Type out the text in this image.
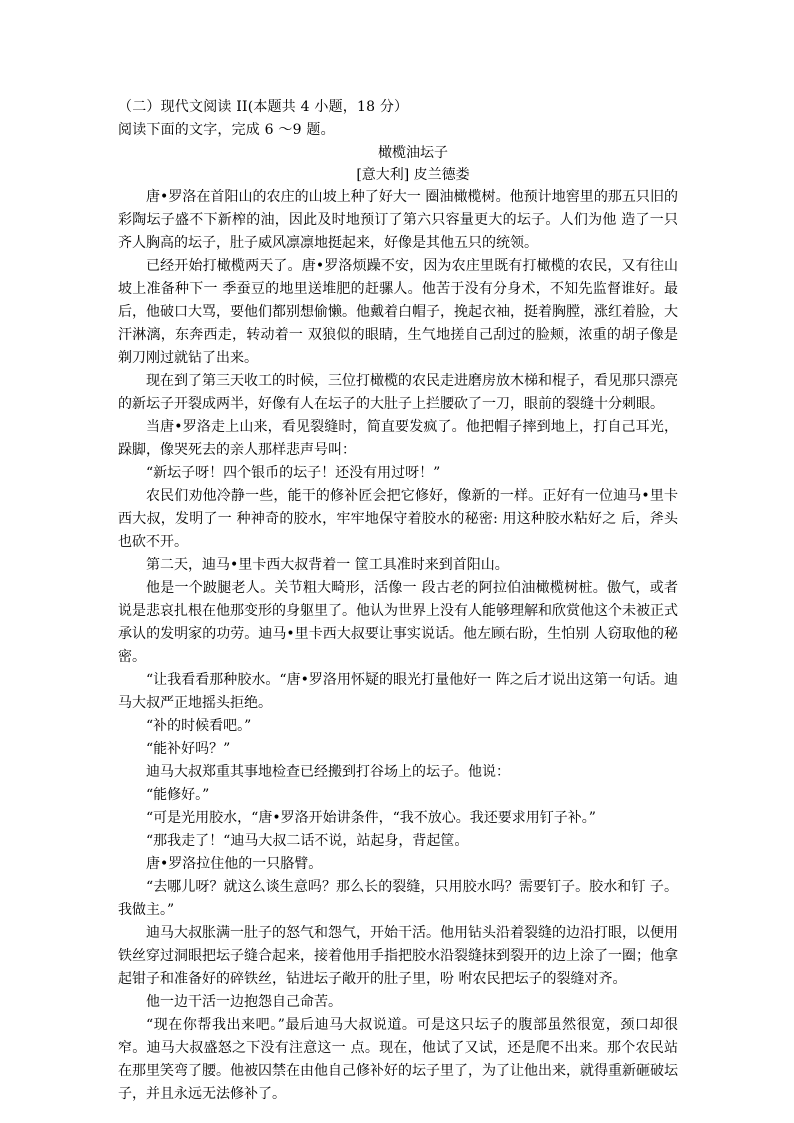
（二）现代文阅读 II(本题共 4 小题，18 分）
阅读下面的文字，完成 6 ～9 题。
橄榄油坛子
[意大利] 皮兰德娄
唐•罗洛在首阳山的农庄的山坡上种了好大一 圈油橄榄树。他预计地窖里的那五只旧的彩陶坛子盛不下新榨的油，因此及时地预订了第六只容量更大的坛子。人们为他 造了一只齐人胸高的坛子，肚子威风凛凛地挺起来，好像是其他五只的统领。
已经开始打橄榄两天了。唐•罗洛烦躁不安，因为农庄里既有打橄榄的农民，又有往山坡上准备种下一 季蚕豆的地里送堆肥的赶骡人。他苦于没有分身术，不知先监督谁好。最后，他破口大骂，要他们都别想偷懒。他戴着白帽子，挽起衣袖，挺着胸膛，涨红着脸，大汗淋漓，东奔西走，转动着一 双狼似的眼睛，生气地搓自己刮过的脸颊，浓重的胡子像是剃刀刚过就钻了出来。
现在到了第三天收工的时候，三位打橄榄的农民走进磨房放木梯和棍子，看见那只漂亮的新坛子开裂成两半，好像有人在坛子的大肚子上拦腰砍了一刀，眼前的裂缝十分刺眼。
当唐•罗洛走上山来，看见裂缝时，简直要发疯了。他把帽子摔到地上，打自己耳光，跺脚，像哭死去的亲人那样悲声号叫：
“新坛子呀！四个银币的坛子！还没有用过呀！”
农民们劝他冷静一些，能干的修补匠会把它修好，像新的一样。正好有一位迪马•里卡西大叔，发明了一 种神奇的胶水，牢牢地保守着胶水的秘密: 用这种胶水粘好之 后，斧头也砍不开。
第二天，迪马•里卡西大叔背着一 筐工具准时来到首阳山。
他是一个跛腿老人。关节粗大畸形，活像一 段古老的阿拉伯油橄榄树桩。傲气，或者说是悲哀扎根在他那变形的身躯里了。他认为世界上没有人能够理解和欣赏他这个未被正式承认的发明家的功劳。迪马•里卡西大叔要让事实说话。他左顾右盼，生怕别 人窃取他的秘密。
“让我看看那种胶水。“唐•罗洛用怀疑的眼光打量他好一 阵之后才说出这第一句话。迪马大叔严正地摇头拒绝。
“补的时候看吧。”
“能补好吗？”
迪马大叔郑重其事地检查已经搬到打谷场上的坛子。他说：
“能修好。”
“可是光用胶水，“唐•罗洛开始讲条件，“我不放心。我还要求用钉子补。”
“那我走了！“迪马大叔二话不说，站起身，背起筐。
唐•罗洛拉住他的一只胳臂。
“去哪儿呀？就这么谈生意吗？那么长的裂缝，只用胶水吗？需要钉子。胶水和钉 子。我做主。”
迪马大叔胀满一肚子的怒气和怨气，开始干活。他用钻头沿着裂缝的边沿打眼，以便用铁丝穿过洞眼把坛子缝合起来，接着他用手指把胶水沿裂缝抹到裂开的边上涂了一圈；他拿起钳子和准备好的碎铁丝，钻进坛子敞开的肚子里，吩 咐农民把坛子的裂缝对齐。
他一边干活一边抱怨自己命苦。
“现在你帮我出来吧。”最后迪马大叔说道。可是这只坛子的腹部虽然很宽，颈口却很窄。迪马大叔盛怒之下没有注意这一 点。现在，他试了又试，还是爬不出来。那个农民站在那里笑弯了腰。他被囚禁在由他自己修补好的坛子里了，为了让他出来，就得重新砸破坛子，并且永远无法修补了。
